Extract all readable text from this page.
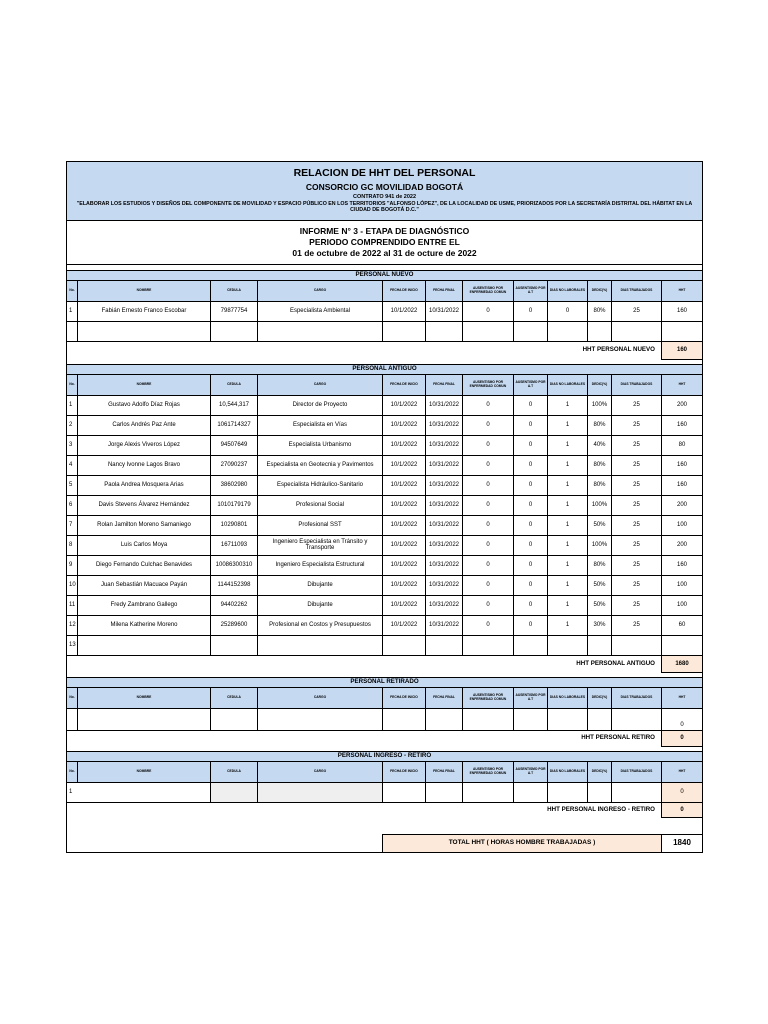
RELACION DE HHT DEL PERSONAL
CONSORCIO GC MOVILIDAD BOGOTÁ
CONTRATO 941 de 2022
"ELABORAR LOS ESTUDIOS Y DISEÑOS DEL COMPONENTE DE MOVILIDAD Y ESPACIO PÚBLICO EN LOS TERRITORIOS "ALFONSO LÓPEZ", DE LA LOCALIDAD DE USME, PRIORIZADOS POR LA SECRETARÍA DISTRITAL DEL HÁBITAT EN LA CIUDAD DE BOGOTÁ D.C."											

INFORME N° 3 - ETAPA DE DIAGNÓSTICO
PERIODO COMPRENDIDO ENTRE EL
01 de octubre de 2022 al 31 de octure de 2022											

PERSONAL NUEVO											
No.	NOMBRE	CEDULA	CARGO	FECHA DE INICIO	FECHA FINAL	AUSENTISMO POR ENFERMEDAD COMUN	AUSENTISMO POR A.T	DIAS NO LABORALES	DEDIC(%)	DIAS TRABAJADOS	HHT
1	Fabián Ernesto Franco Escobar	79877754	Especialista Ambiental	10/1/2022	10/31/2022	0	0	0	80%	25	160

HHT PERSONAL NUEVO											160

PERSONAL ANTIGUO											
No.	NOMBRE	CEDULA	CARGO	FECHA DE INICIO	FECHA FINAL	AUSENTISMO POR ENFERMEDAD COMUN	AUSENTISMO POR A.T	DIAS NO LABORALES	DEDIC(%)	DIAS TRABAJADOS	HHT
1	Gustavo Adolfo Díaz Rojas	10,544,317	Director de Proyecto	10/1/2022	10/31/2022	0	0	1	100%	25	200
2	Carlos Andrés Paz Ante	1061714327	Especialista en Vías	10/1/2022	10/31/2022	0	0	1	80%	25	160
3	Jorge Alexis Viveros López	94507649	Especialista Urbanismo	10/1/2022	10/31/2022	0	0	1	40%	25	80
4	Nancy Ivonne Lagos Bravo	27090237	Especialista en Geotecnia y Pavimentos	10/1/2022	10/31/2022	0	0	1	80%	25	160
5	Paola Andrea Mosquera Arias	38602980	Especialista Hidráulico-Sanitario	10/1/2022	10/31/2022	0	0	1	80%	25	160
6	Davis Stevens Álvarez Hernández	1010179179	Profesional Social	10/1/2022	10/31/2022	0	0	1	100%	25	200
7	Rolan Jamilton Moreno Samaniego	10290801	Profesional SST	10/1/2022	10/31/2022	0	0	1	50%	25	100
8	Luis Carlos Moya	16711093	Ingeniero Especialista en Tránsito y Transporte	10/1/2022	10/31/2022	0	0	1	100%	25	200
9	Diego Fernando Culchac Benavides	10086300310	Ingeniero Especialista Estructural	10/1/2022	10/31/2022	0	0	1	80%	25	160
10	Juan Sebastián Macuace Payán	1144152398	Dibujante	10/1/2022	10/31/2022	0	0	1	50%	25	100
11	Fredy Zambrano Gallego	94402262	Dibujante	10/1/2022	10/31/2022	0	0	1	50%	25	100
12	Milena Katherine Moreno	25289600	Profesional en Costos y Presupuestos	10/1/2022	10/31/2022	0	0	1	30%	25	60
13											
HHT PERSONAL ANTIGUO											1680

PERSONAL RETIRADO											
No.	NOMBRE	CEDULA	CARGO	FECHA DE INICIO	FECHA FINAL	AUSENTISMO POR ENFERMEDAD COMUN	AUSENTISMO POR A.T	DIAS NO LABORALES	DEDIC(%)	DIAS TRABAJADOS	HHT
											0
HHT PERSONAL RETIRO											0

PERSONAL INGRESO - RETIRO											
No.	NOMBRE	CEDULA	CARGO	FECHA DE INICIO	FECHA FINAL	AUSENTISMO POR ENFERMEDAD COMUN	AUSENTISMO POR A.T	DIAS NO LABORALES	DEDIC(%)	DIAS TRABAJADOS	HHT
1											0
HHT PERSONAL INGRESO - RETIRO											0

				TOTAL HHT ( HORAS HOMBRE TRABAJADAS )							1840
